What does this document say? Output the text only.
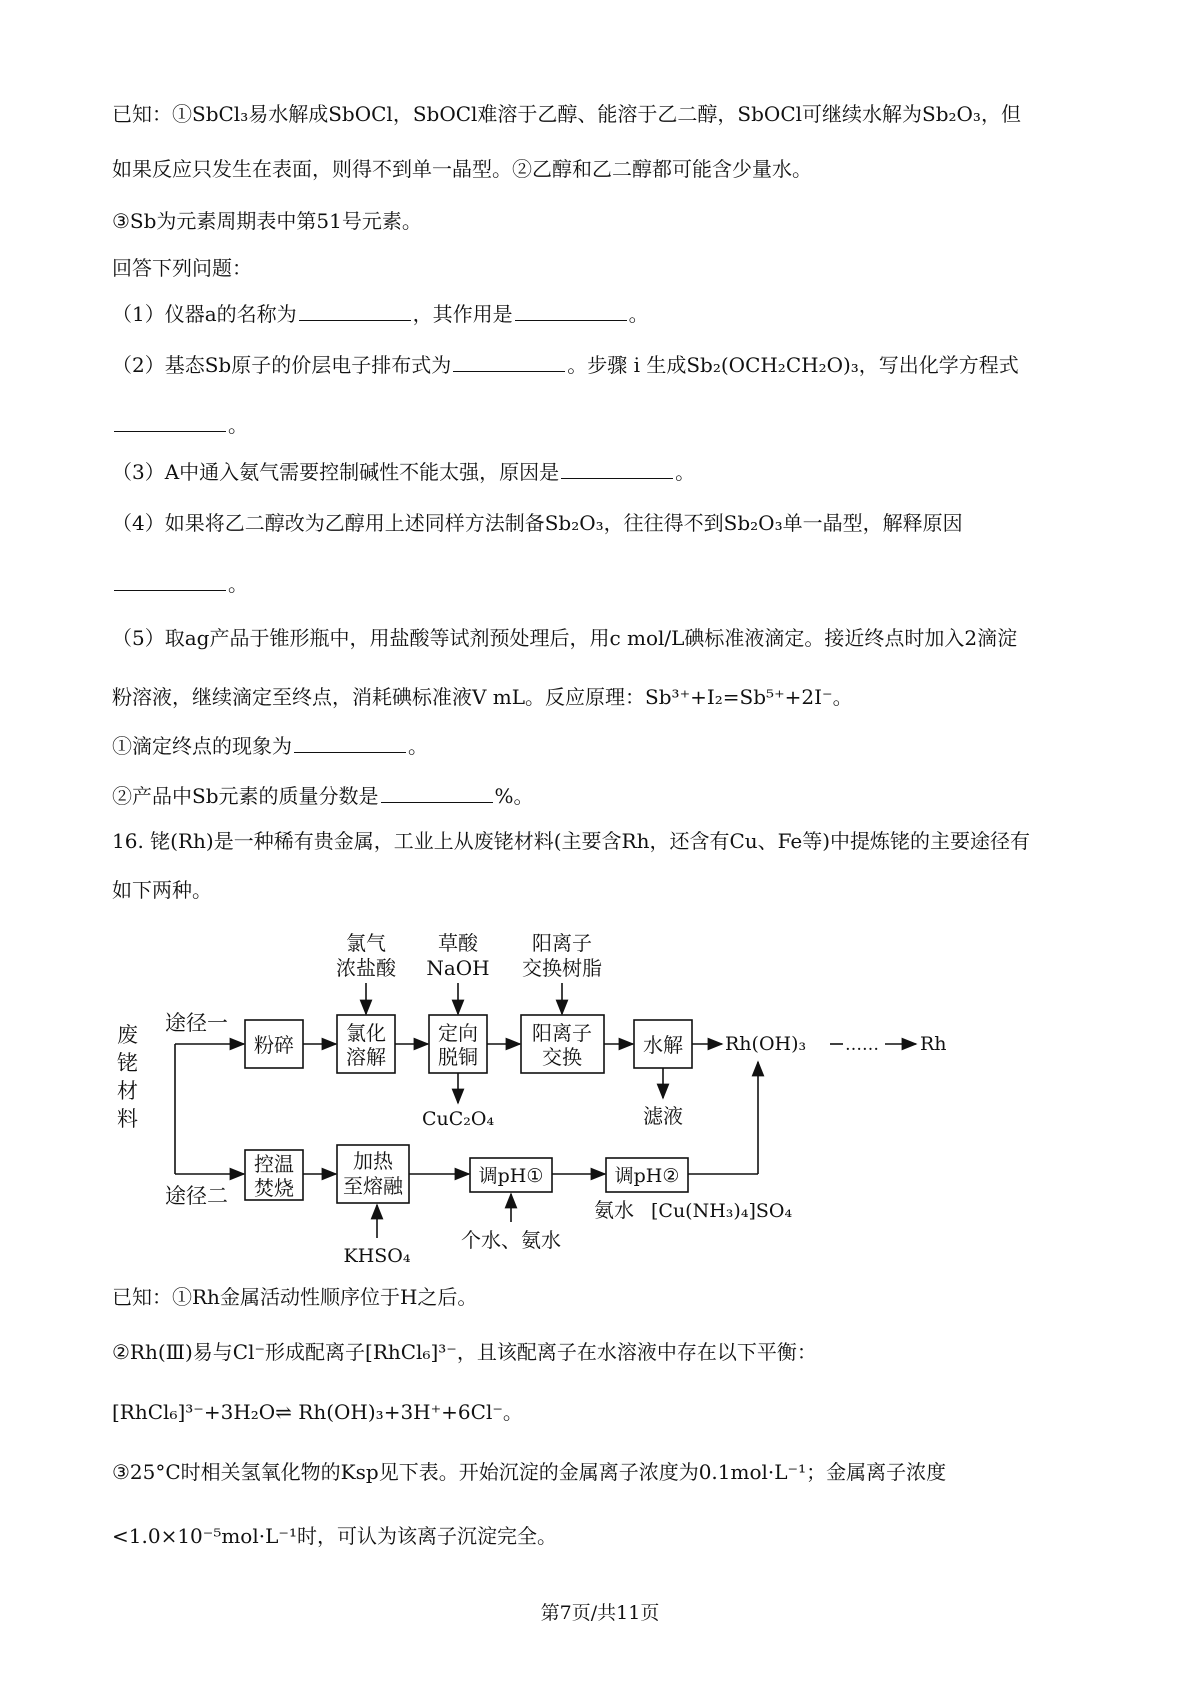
已知：①SbCl₃易水解成SbOCl，SbOCl难溶于乙醇、能溶于乙二醇，SbOCl可继续水解为Sb₂O₃，但
如果反应只发生在表面，则得不到单一晶型。②乙醇和乙二醇都可能含少量水。
③Sb为元素周期表中第51号元素。
回答下列问题：
（1）仪器a的名称为	，其作用是	。
（2）基态Sb原子的价层电子排布式为	。步骤 i 生成Sb₂(OCH₂CH₂O)₃，写出化学方程式
。
（3）A中通入氨气需要控制碱性不能太强，原因是	。
（4）如果将乙二醇改为乙醇用上述同样方法制备Sb₂O₃，往往得不到Sb₂O₃单一晶型，解释原因
。
（5）取ag产品于锥形瓶中，用盐酸等试剂预处理后，用c mol/L碘标准液滴定。接近终点时加入2滴淀
粉溶液，继续滴定至终点，消耗碘标准液V mL。反应原理：Sb³⁺+I₂=Sb⁵⁺+2I⁻。
①滴定终点的现象为	。
②产品中Sb元素的质量分数是	%。
16. 铑(Rh)是一种稀有贵金属，工业上从废铑材料(主要含Rh，还含有Cu、Fe等)中提炼铑的主要途径有
如下两种。
废
铑
材
料
途径一
途径二
粉碎	氯化
溶解
定向
脱铜
阳离子
交换	水解
氯气
浓盐酸
草酸
NaOH
阳离子
交换树脂
CuC₂O₄	滤液
Rh(OH)₃ …… Rh
控温
焚烧
加热
至熔融	调pH①	调pH②
KHSO₄
个水、氨水
氨水 [Cu(NH₃)₄]SO₄
已知：①Rh金属活动性顺序位于H之后。
②Rh(Ⅲ)易与Cl⁻形成配离子[RhCl₆]³⁻，且该配离子在水溶液中存在以下平衡：
[RhCl₆]³⁻+3H₂O⇌ Rh(OH)₃+3H⁺+6Cl⁻。
③25°C时相关氢氧化物的Ksp见下表。开始沉淀的金属离子浓度为0.1mol·L⁻¹；金属离子浓度
<1.0×10⁻⁵mol·L⁻¹时，可认为该离子沉淀完全。
第7页/共11页
